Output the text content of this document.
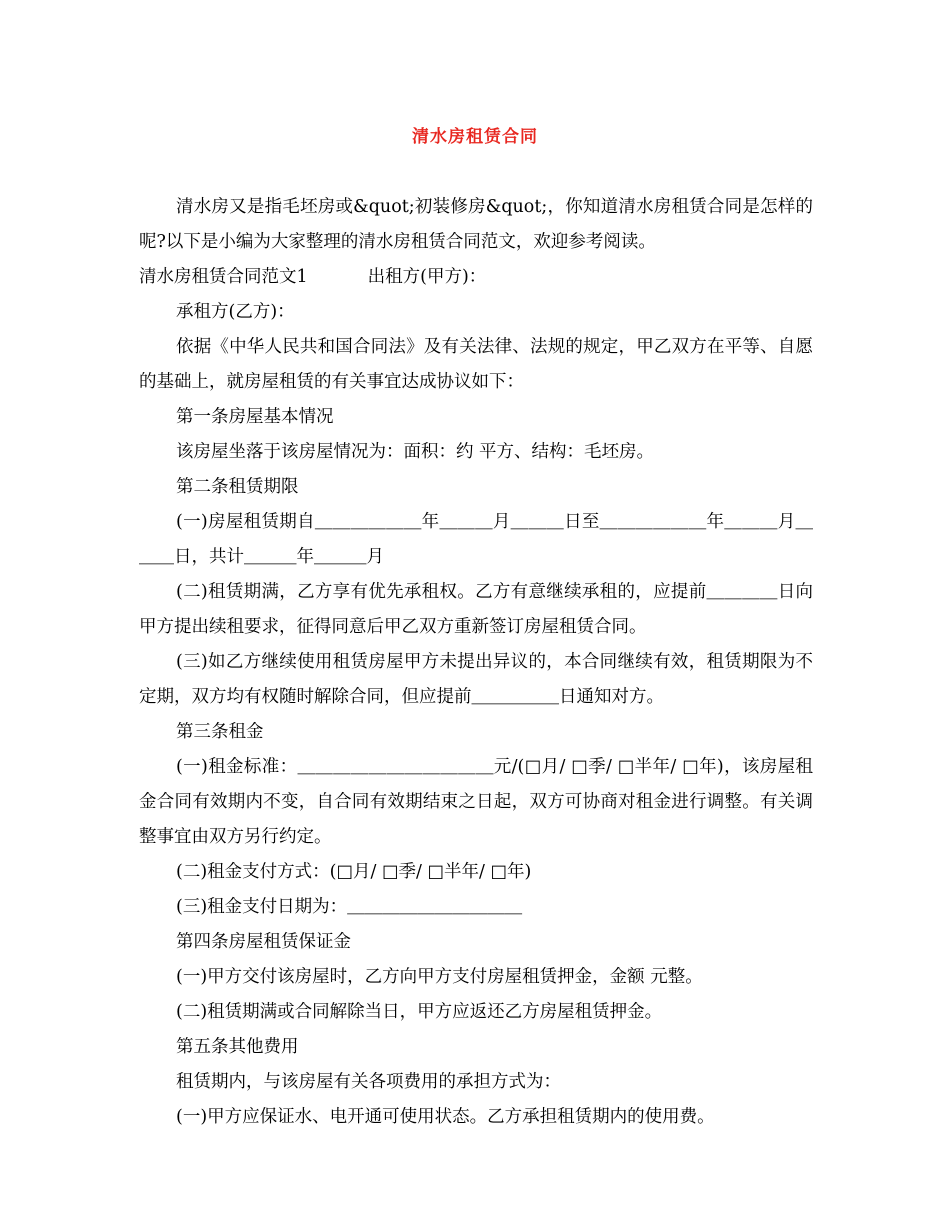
清水房租赁合同

清水房又是指毛坯房或&quot;初装修房&quot;，你知道清水房租赁合同是怎样的呢?以下是小编为大家整理的清水房租赁合同范文，欢迎参考阅读。

清水房租赁合同范文1	出租方(甲方)：

承租方(乙方)：

依据《中华人民共和国合同法》及有关法律、法规的规定，甲乙双方在平等、自愿的基础上，就房屋租赁的有关事宜达成协议如下：

第一条房屋基本情况

该房屋坐落于该房屋情况为：面积：约 平方、结构：毛坯房。

第二条租赁期限

(一)房屋租赁期自＿＿＿＿＿＿年＿＿＿月＿＿＿日至＿＿＿＿＿＿年＿＿＿月＿＿＿日，共计＿＿＿年＿＿＿月

(二)租赁期满，乙方享有优先承租权。乙方有意继续承租的，应提前＿＿＿＿日向甲方提出续租要求，征得同意后甲乙双方重新签订房屋租赁合同。

(三)如乙方继续使用租赁房屋甲方未提出异议的，本合同继续有效，租赁期限为不定期，双方均有权随时解除合同，但应提前＿＿＿＿＿日通知对方。

第三条租金

(一)租金标准：＿＿＿＿＿＿＿＿＿＿＿元/(□月/ □季/ □半年/ □年)，该房屋租金合同有效期内不变，自合同有效期结束之日起，双方可协商对租金进行调整。有关调整事宜由双方另行约定。

(二)租金支付方式：(□月/ □季/ □半年/ □年)

(三)租金支付日期为：＿＿＿＿＿＿＿＿＿＿

第四条房屋租赁保证金

(一)甲方交付该房屋时，乙方向甲方支付房屋租赁押金，金额 元整。

(二)租赁期满或合同解除当日，甲方应返还乙方房屋租赁押金。

第五条其他费用

租赁期内，与该房屋有关各项费用的承担方式为：

(一)甲方应保证水、电开通可使用状态。乙方承担租赁期内的使用费。
